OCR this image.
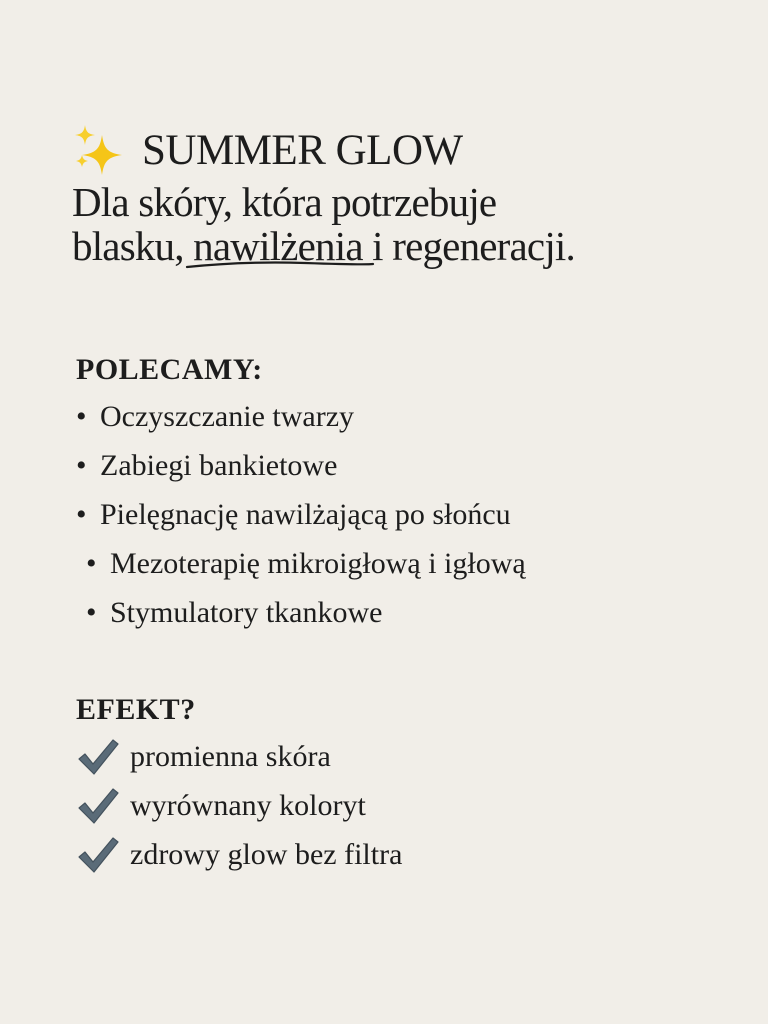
SUMMER GLOW
Dla skóry, która potrzebuje
blasku, nawilżenia
i regeneracji.
POLECAMY:
• Oczyszczanie twarzy
• Zabiegi bankietowe
• Pielęgnację nawilżającą po słońcu
• Mezoterapię mikroigłową i igłową
• Stymulatory tkankowe
EFEKT?
promienna skóra
wyrównany koloryt
zdrowy glow bez filtra
